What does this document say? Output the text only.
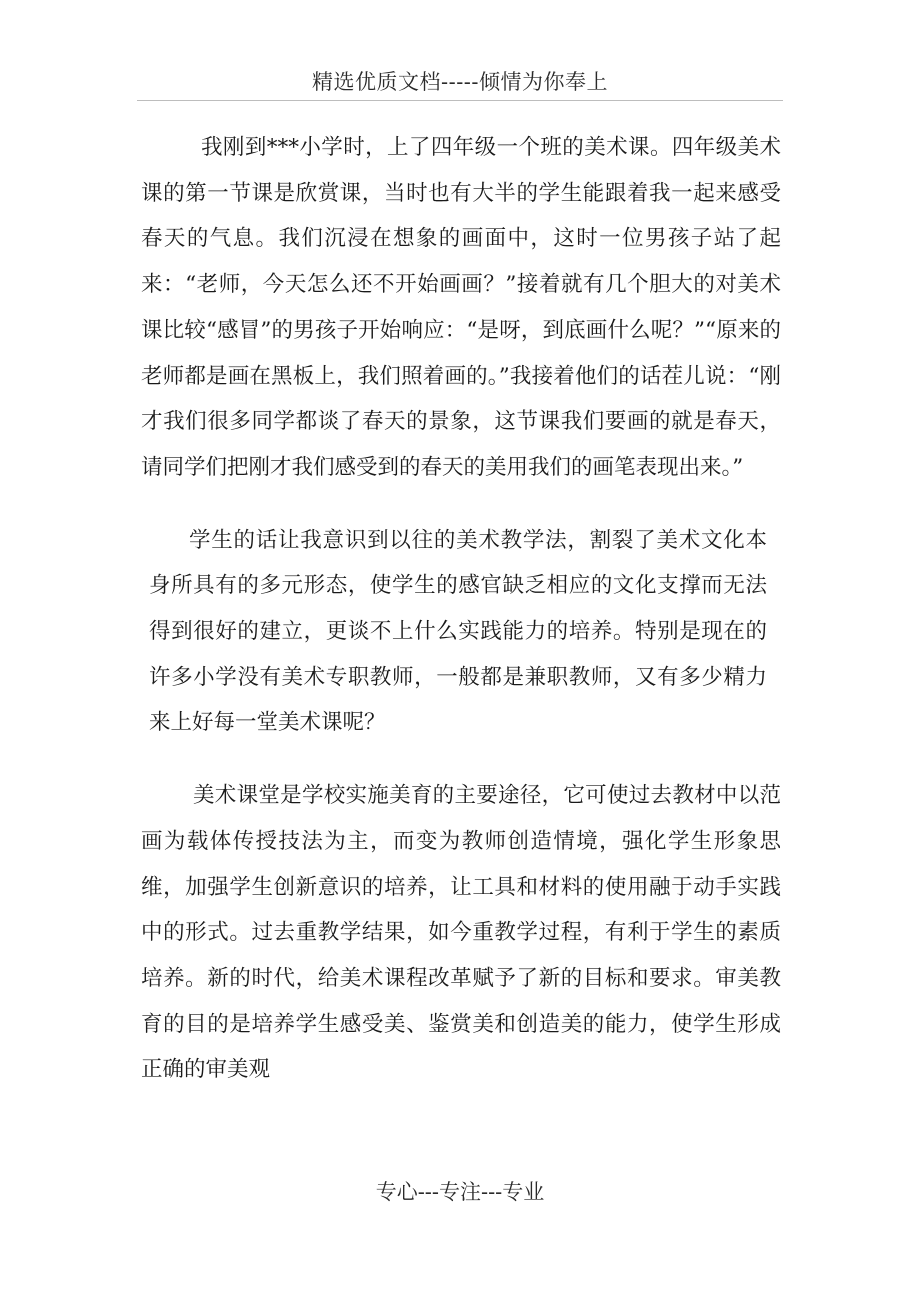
精选优质文档-----倾情为你奉上

我刚到***小学时，上了四年级一个班的美术课。四年级美术课的第一节课是欣赏课，当时也有大半的学生能跟着我一起来感受春天的气息。我们沉浸在想象的画面中，这时一位男孩子站了起来：“老师，今天怎么还不开始画画？”接着就有几个胆大的对美术课比较“感冒”的男孩子开始响应：“是呀，到底画什么呢？”“原来的老师都是画在黑板上，我们照着画的。”我接着他们的话茬儿说：“刚才我们很多同学都谈了春天的景象，这节课我们要画的就是春天，请同学们把刚才我们感受到的春天的美用我们的画笔表现出来。”

学生的话让我意识到以往的美术教学法，割裂了美术文化本身所具有的多元形态，使学生的感官缺乏相应的文化支撑而无法得到很好的建立，更谈不上什么实践能力的培养。特别是现在的许多小学没有美术专职教师，一般都是兼职教师，又有多少精力来上好每一堂美术课呢？

美术课堂是学校实施美育的主要途径，它可使过去教材中以范画为载体传授技法为主，而变为教师创造情境，强化学生形象思维，加强学生创新意识的培养，让工具和材料的使用融于动手实践中的形式。过去重教学结果，如今重教学过程，有利于学生的素质培养。新的时代，给美术课程改革赋予了新的目标和要求。审美教育的目的是培养学生感受美、鉴赏美和创造美的能力，使学生形成正确的审美观

专心---专注---专业
